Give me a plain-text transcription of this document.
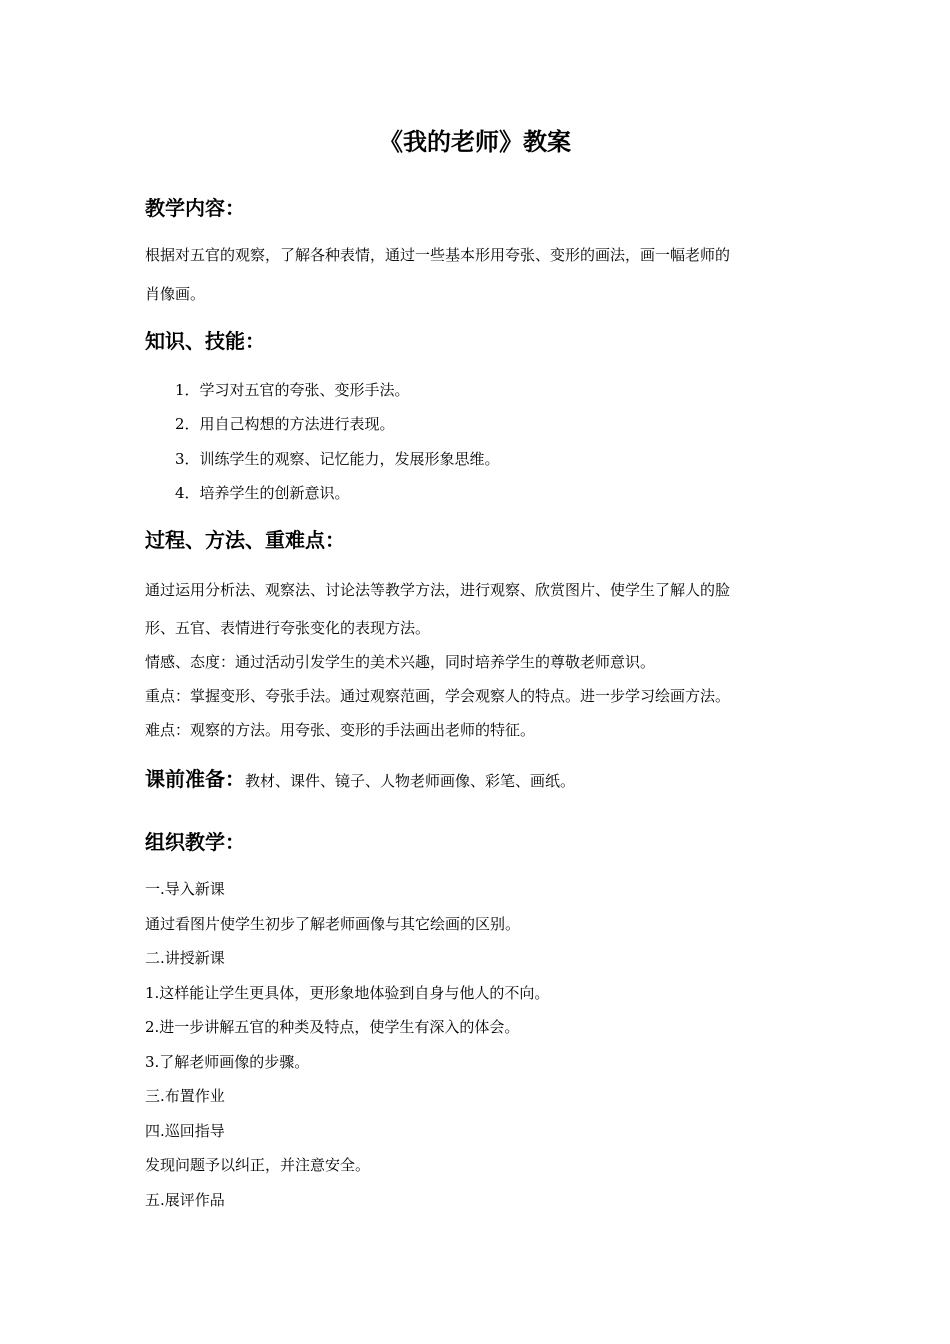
《我的老师》教案
教学内容：
根据对五官的观察，了解各种表情，通过一些基本形用夸张、变形的画法，画一幅老师的
肖像画。
知识、技能：
1．学习对五官的夸张、变形手法。
2．用自己构想的方法进行表现。
3．训练学生的观察、记忆能力，发展形象思维。
4．培养学生的创新意识。
过程、方法、重难点：
通过运用分析法、观察法、讨论法等教学方法，进行观察、欣赏图片、使学生了解人的脸
形、五官、表情进行夸张变化的表现方法。
情感、态度：通过活动引发学生的美术兴趣，同时培养学生的尊敬老师意识。
重点：掌握变形、夸张手法。通过观察范画，学会观察人的特点。进一步学习绘画方法。
难点：观察的方法。用夸张、变形的手法画出老师的特征。
课前准备：教材、课件、镜子、人物老师画像、彩笔、画纸。
组织教学：
一.导入新课
通过看图片使学生初步了解老师画像与其它绘画的区别。
二.讲授新课
1.这样能让学生更具体，更形象地体验到自身与他人的不向。
2.进一步讲解五官的种类及特点，使学生有深入的体会。
3.了解老师画像的步骤。
三.布置作业
四.巡回指导
发现问题予以纠正，并注意安全。
五.展评作品
